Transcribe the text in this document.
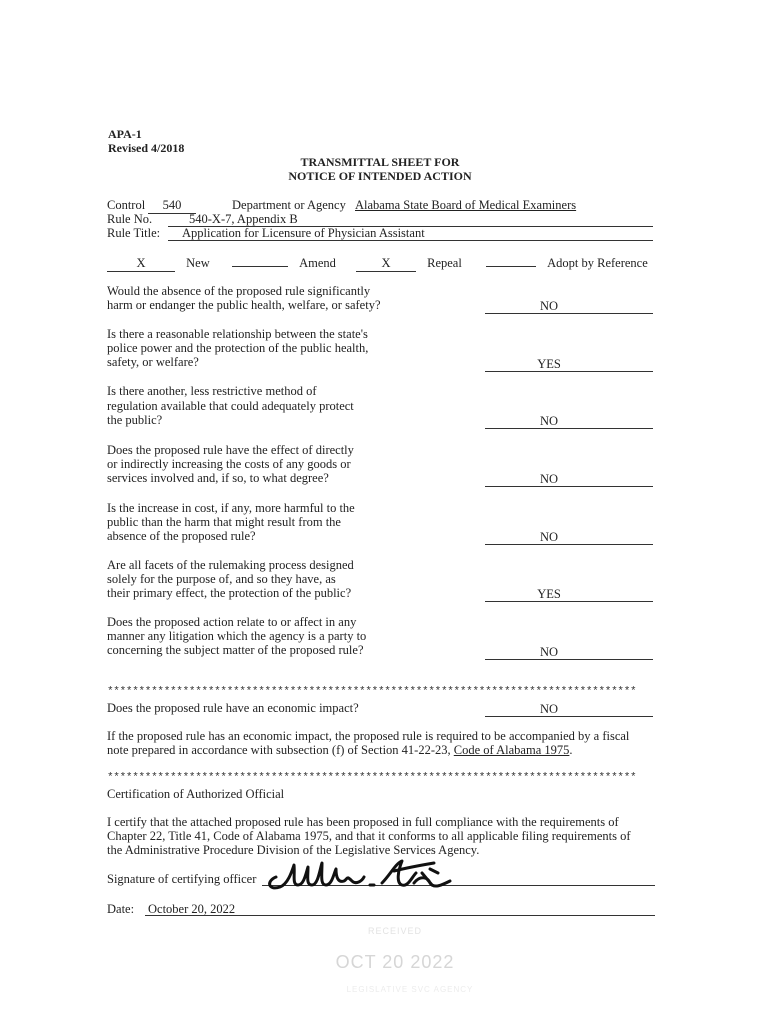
APA-1
Revised 4/2018
TRANSMITTAL SHEET FOR
NOTICE OF INTENDED ACTION
Control	540	Department or Agency Alabama State Board of Medical Examiners
Rule No.	540-X-7, Appendix B
Rule Title: Application for Licensure of Physician Assistant
X	New	Amend	X	Repeal	Adopt by Reference
Would the absence of the proposed rule significantly
harm or endanger the public health, welfare, or safety?	NO
Is there a reasonable relationship between the state's
police power and the protection of the public health,
safety, or welfare?	YES
Is there another, less restrictive method of
regulation available that could adequately protect
the public?	NO
Does the proposed rule have the effect of directly
or indirectly increasing the costs of any goods or
services involved and, if so, to what degree?	NO
Is the increase in cost, if any, more harmful to the
public than the harm that might result from the
absence of the proposed rule?	NO
Are all facets of the rulemaking process designed
solely for the purpose of, and so they have, as
their primary effect, the protection of the public?	YES
Does the proposed action relate to or affect in any
manner any litigation which the agency is a party to
concerning the subject matter of the proposed rule?	NO
************************************************************************************
Does the proposed rule have an economic impact?	NO
If the proposed rule has an economic impact, the proposed rule is required to be accompanied by a fiscal
note prepared in accordance with subsection (f) of Section 41-22-23, Code of Alabama 1975.
************************************************************************************
Certification of Authorized Official
I certify that the attached proposed rule has been proposed in full compliance with the requirements of
Chapter 22, Title 41, Code of Alabama 1975, and that it conforms to all applicable filing requirements of
the Administrative Procedure Division of the Legislative Services Agency.
Signature of certifying officer
Date: October 20, 2022
RECEIVED
OCT 20 2022
LEGISLATIVE SVC AGENCY
